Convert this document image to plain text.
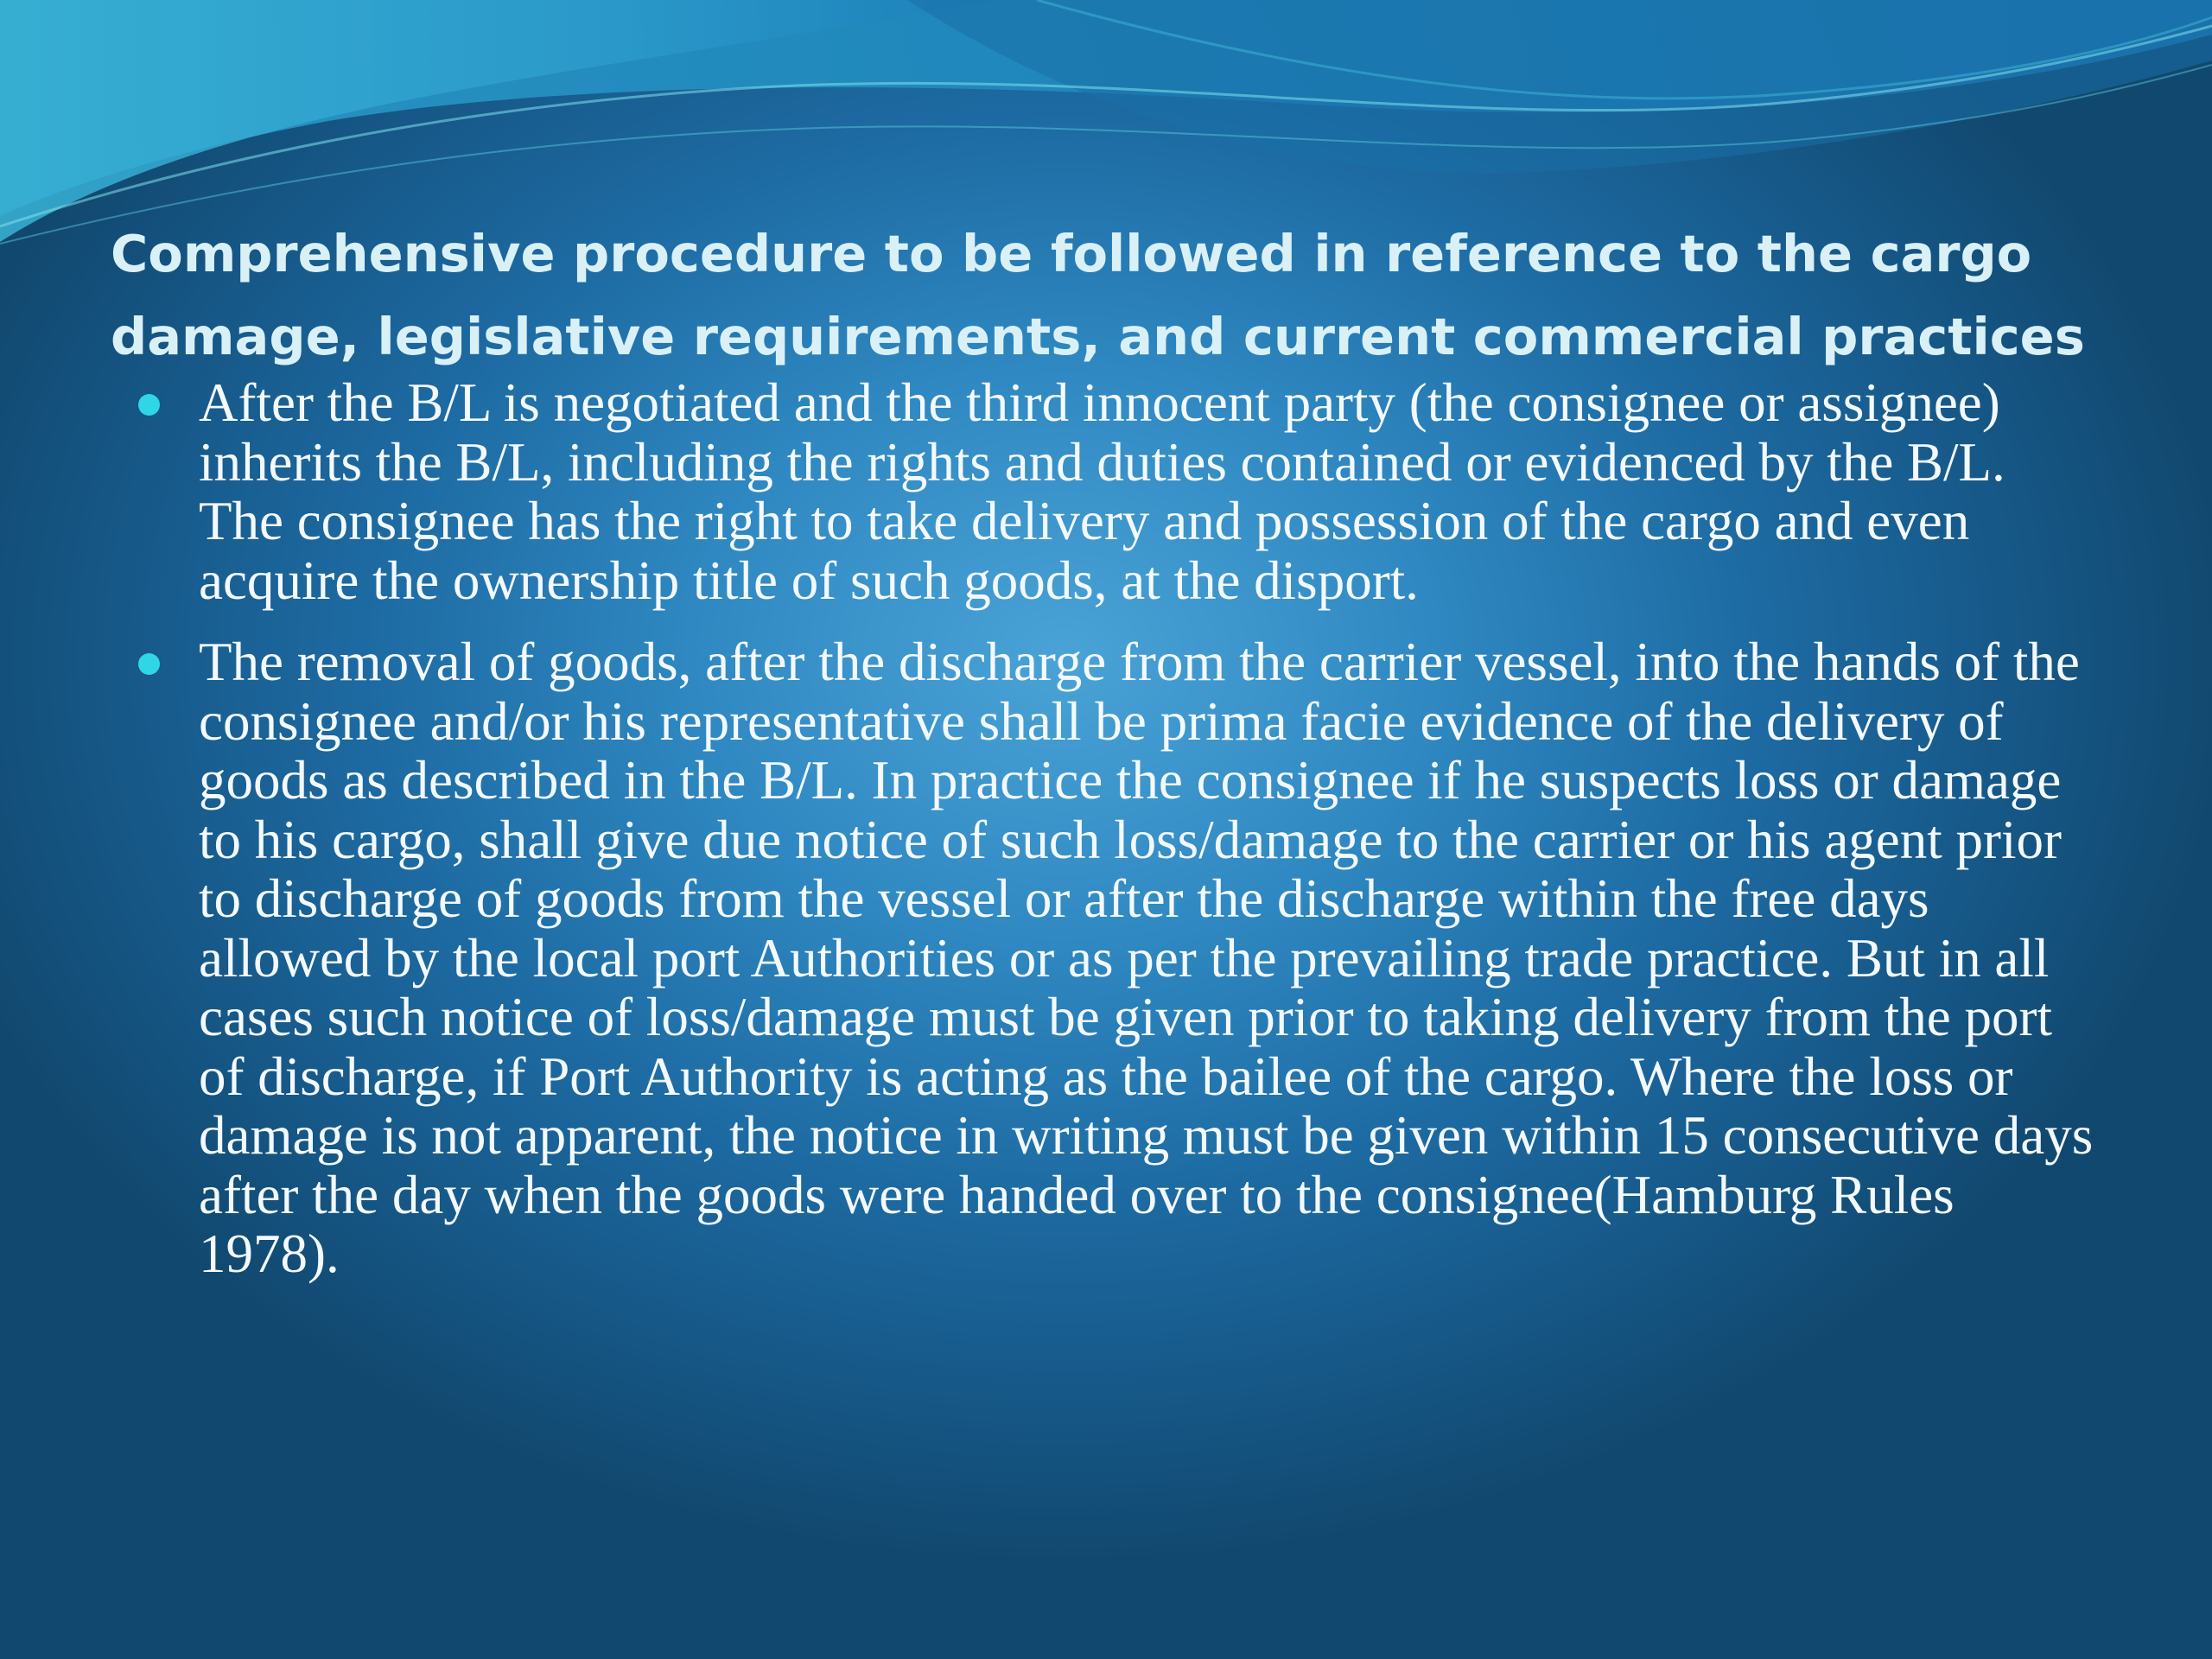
Comprehensive procedure to be followed in reference to the cargo damage, legislative requirements, and current commercial practices
After the B/L is negotiated and the third innocent party (the consignee or assignee) inherits the B/L, including the rights and duties contained or evidenced by the B/L. The consignee has the right to take delivery and possession of the cargo and even acquire the ownership title of such goods, at the disport.
The removal of goods, after the discharge from the carrier vessel, into the hands of the consignee and/or his representative shall be prima facie evidence of the delivery of goods as described in the B/L. In practice the consignee if he suspects loss or damage to his cargo, shall give due notice of such loss/damage to the carrier or his agent prior to discharge of goods from the vessel or after the discharge within the free days allowed by the local port Authorities or as per the prevailing trade practice. But in all cases such notice of loss/damage must be given prior to taking delivery from the port of discharge, if Port Authority is acting as the bailee of the cargo. Where the loss or damage is not apparent, the notice in writing must be given within 15 consecutive days after the day when the goods were handed over to the consignee(Hamburg Rules 1978).
